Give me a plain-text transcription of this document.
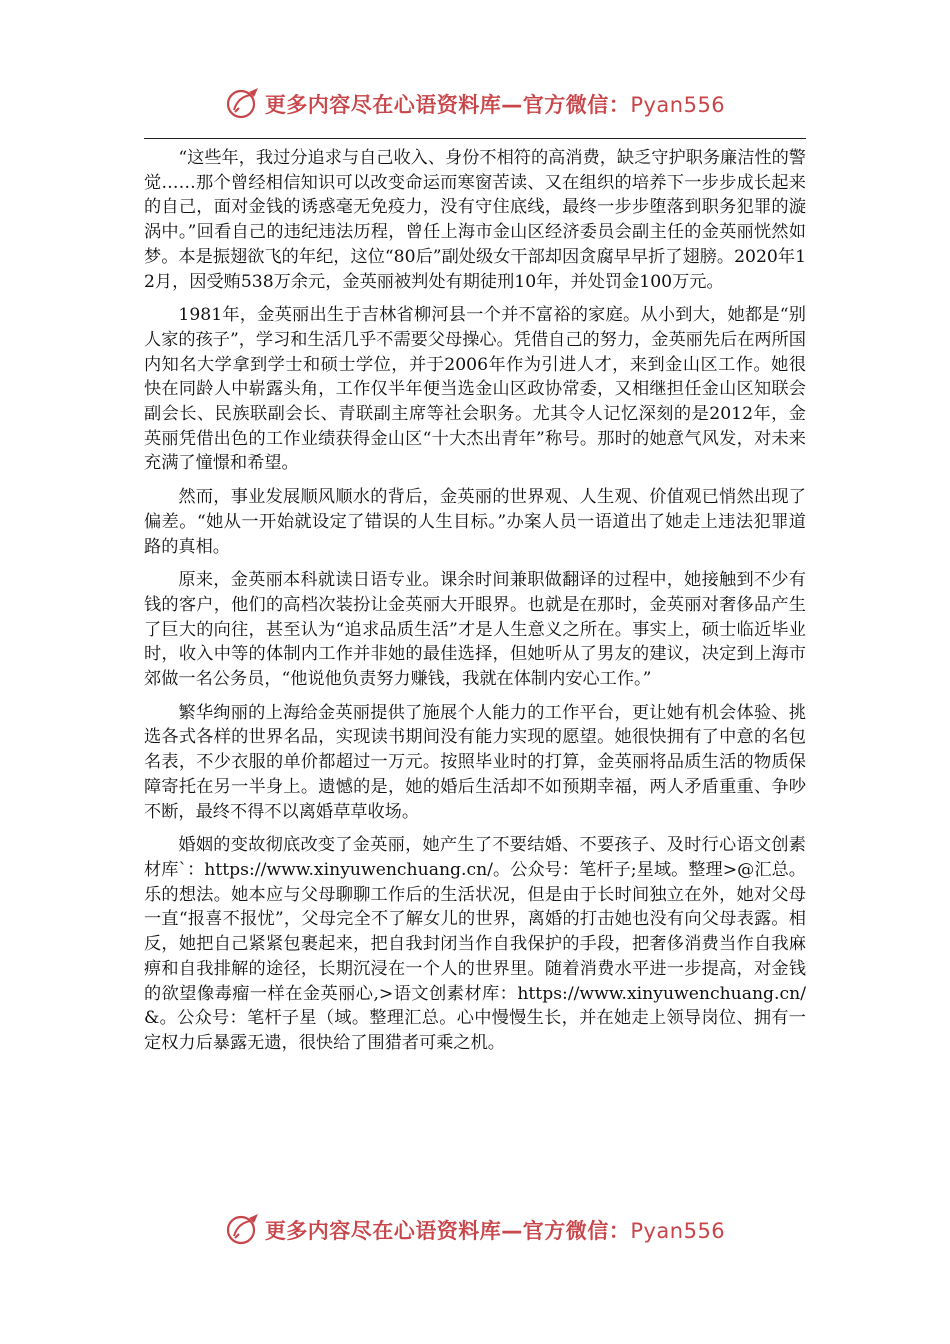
更多内容尽在心语资料库—官方微信：Pyan556

“这些年，我过分追求与自己收入、身份不相符的高消费，缺乏守护职务廉洁性的警觉……那个曾经相信知识可以改变命运而寒窗苦读、又在组织的培养下一步步成长起来的自己，面对金钱的诱惑毫无免疫力，没有守住底线，最终一步步堕落到职务犯罪的漩涡中。”回看自己的违纪违法历程，曾任上海市金山区经济委员会副主任的金英丽恍然如梦。本是振翅欲飞的年纪，这位“80后”副处级女干部却因贪腐早早折了翅膀。2020年12月，因受贿538万余元，金英丽被判处有期徒刑10年，并处罚金100万元。

1981年，金英丽出生于吉林省柳河县一个并不富裕的家庭。从小到大，她都是“别人家的孩子”，学习和生活几乎不需要父母操心。凭借自己的努力，金英丽先后在两所国内知名大学拿到学士和硕士学位，并于2006年作为引进人才，来到金山区工作。她很快在同龄人中崭露头角，工作仅半年便当选金山区政协常委，又相继担任金山区知联会副会长、民族联副会长、青联副主席等社会职务。尤其令人记忆深刻的是2012年，金英丽凭借出色的工作业绩获得金山区“十大杰出青年”称号。那时的她意气风发，对未来充满了憧憬和希望。

然而，事业发展顺风顺水的背后，金英丽的世界观、人生观、价值观已悄然出现了偏差。“她从一开始就设定了错误的人生目标。”办案人员一语道出了她走上违法犯罪道路的真相。

原来，金英丽本科就读日语专业。课余时间兼职做翻译的过程中，她接触到不少有钱的客户，他们的高档次装扮让金英丽大开眼界。也就是在那时，金英丽对奢侈品产生了巨大的向往，甚至认为“追求品质生活”才是人生意义之所在。事实上，硕士临近毕业时，收入中等的体制内工作并非她的最佳选择，但她听从了男友的建议，决定到上海市郊做一名公务员，“他说他负责努力赚钱，我就在体制内安心工作。”

繁华绚丽的上海给金英丽提供了施展个人能力的工作平台，更让她有机会体验、挑选各式各样的世界名品，实现读书期间没有能力实现的愿望。她很快拥有了中意的名包名表，不少衣服的单价都超过一万元。按照毕业时的打算，金英丽将品质生活的物质保障寄托在另一半身上。遗憾的是，她的婚后生活却不如预期幸福，两人矛盾重重、争吵不断，最终不得不以离婚草草收场。

婚姻的变故彻底改变了金英丽，她产生了不要结婚、不要孩子、及时行心语文创素材库`：https://www.xinyuwenchuang.cn/。公众号：笔杆子;星域。整理>@汇总。乐的想法。她本应与父母聊聊工作后的生活状况，但是由于长时间独立在外，她对父母一直“报喜不报忧”，父母完全不了解女儿的世界，离婚的打击她也没有向父母表露。相反，她把自己紧紧包裹起来，把自我封闭当作自我保护的手段，把奢侈消费当作自我麻痹和自我排解的途径，长期沉浸在一个人的世界里。随着消费水平进一步提高，对金钱的欲望像毒瘤一样在金英丽心,>语文创素材库：https://www.xinyuwenchuang.cn/&。公众号：笔杆子星（域。整理汇总。心中慢慢生长，并在她走上领导岗位、拥有一定权力后暴露无遗，很快给了围猎者可乘之机。

更多内容尽在心语资料库—官方微信：Pyan556
